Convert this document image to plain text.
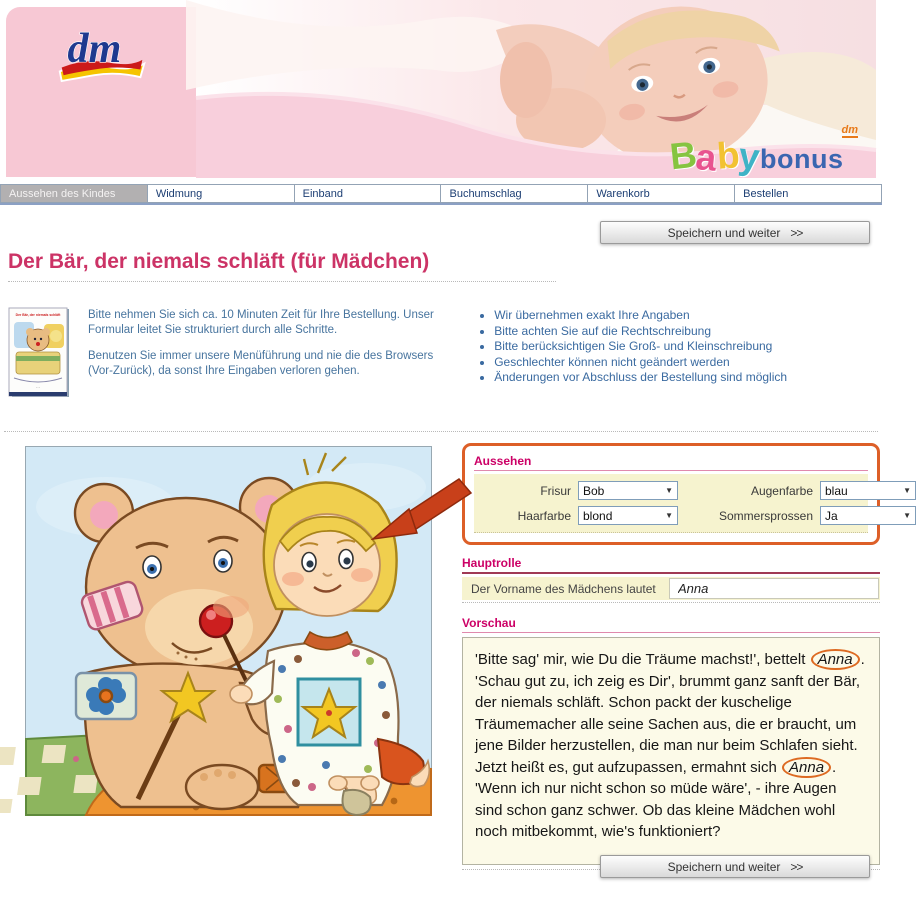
dm
Babybonus$^{dm}$
Aussehen des Kindes	Widmung	Einband	Buchumschlag	Warenkorb	Bestellen
Speichern und weiter >>
Der Bär, der niemals schläft (für Mädchen)
Der Bär, der niemals schläft
~ ~

Bitte nehmen Sie sich ca. 10 Minuten Zeit für Ihre Bestellung. Unser Formular leitet Sie strukturiert durch alle Schritte.

Benutzen Sie immer unsere Menüführung und nie die des Browsers (Vor-Zurück), da sonst Ihre Eingaben verloren gehen.

• Wir übernehmen exakt Ihre Angaben
• Bitte achten Sie auf die Rechtschreibung
• Bitte berücksichtigen Sie Groß- und Kleinschreibung
• Geschlechter können nicht geändert werden
• Änderungen vor Abschluss der Bestellung sind möglich
Aussehen
Frisur Bob	▼	Augenfarbe blau	▼
Haarfarbe blond	▼	Sommersprossen Ja	▼
Hauptrolle
Der Vorname des Mädchens lautet
Anna
Vorschau
'Bitte sag' mir, wie Du die Träume machst!', bettelt Anna . 'Schau gut zu, ich zeig es Dir', brummt ganz sanft der Bär, der niemals schläft. Schon packt der kuschelige Träumemacher alle seine Sachen aus, die er braucht, um jene Bilder herzustellen, die man nur beim Schlafen sieht. Jetzt heißt es, gut aufzupassen, ermahnt sich Anna . 'Wenn ich nur nicht schon so müde wäre', - ihre Augen sind schon ganz schwer. Ob das kleine Mädchen wohl noch mitbekommt, wie's funktioniert?
Speichern und weiter >>
